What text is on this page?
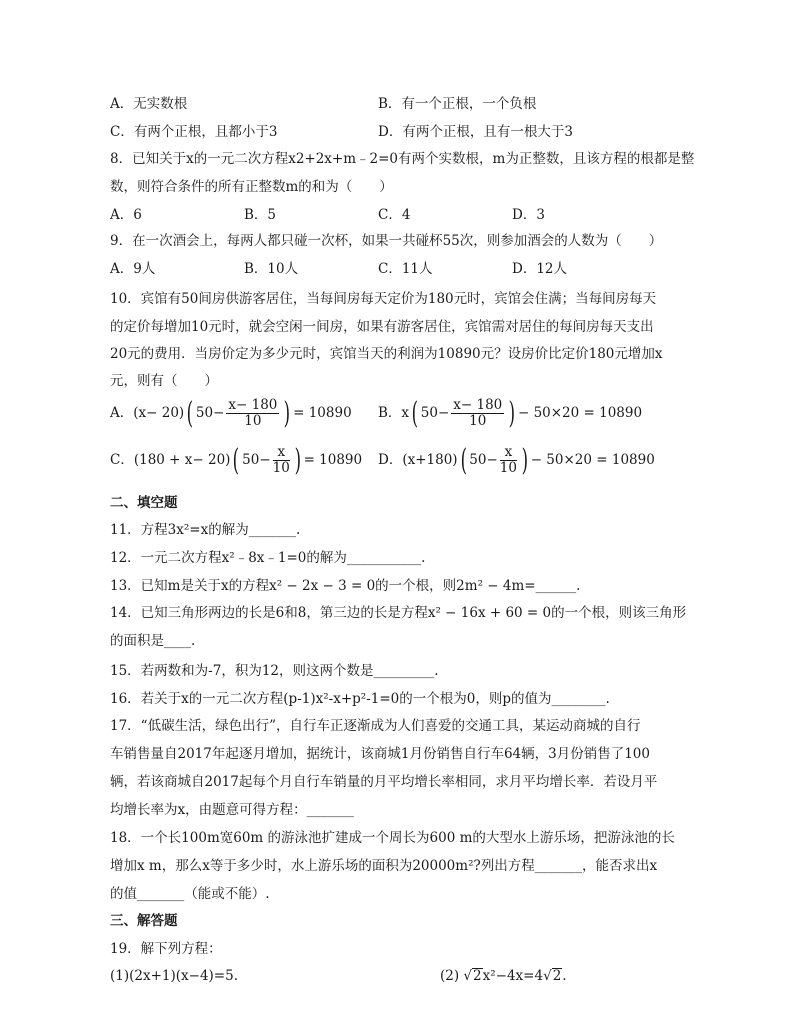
A．无实数根	B．有一个正根，一个负根
C．有两个正根，且都小于3	D．有两个正根，且有一根大于3
8．已知关于x的一元二次方程x2+2x+m﹣2=0有两个实数根，m为正整数，且该方程的根都是整
数，则符合条件的所有正整数m的和为（　　）
A．6	B．5	C．4	D．3
9．在一次酒会上，每两人都只碰一次杯，如果一共碰杯55次，则参加酒会的人数为（　　）
A．9人	B．10人	C．11人	D．12人
10．宾馆有50间房供游客居住，当每间房每天定价为180元时，宾馆会住满；当每间房每天
的定价每增加10元时，就会空闲一间房，如果有游客居住，宾馆需对居住的每间房每天支出
20元的费用．当房价定为多少元时，宾馆当天的利润为10890元？设房价比定价180元增加x
元，则有（　　）
A．(x− 20)( $50- \frac{x- 180}{10}$ ) = 10890 B．x( $50- \frac{x- 180}{10}$ ) − 50×20 = 10890
C．(180 + x− 20)( $50- \frac{x}{10}$ ) = 10890 D．(x+180)( $50- \frac{x}{10}$ ) − 50×20 = 10890
二、填空题
11．方程3x²=x的解为_______.
12．一元二次方程x²﹣8x﹣1=0的解为___________.
13．已知m是关于x的方程x² − 2x − 3 = 0的一个根，则2m² − 4m=______.
14．已知三角形两边的长是6和8，第三边的长是方程x² − 16x + 60 = 0的一个根，则该三角形
的面积是____.
15．若两数和为-7，积为12，则这两个数是_________.
16．若关于x的一元二次方程(p-1)x²-x+p²-1=0的一个根为0，则p的值为________.
17．“低碳生活，绿色出行”，自行车正逐渐成为人们喜爱的交通工具，某运动商城的自行
车销售量自2017年起逐月增加，据统计，该商城1月份销售自行车64辆，3月份销售了100
辆，若该商城自2017起每个月自行车销量的月平均增长率相同，求月平均增长率．若设月平
均增长率为x，由题意可得方程：_______
18．一个长100m宽60m 的游泳池扩建成一个周长为600 m的大型水上游乐场，把游泳池的长
增加x m，那么x等于多少时，水上游乐场的面积为20000m²?列出方程_______，能否求出x
的值_______（能或不能）.
三、解答题
19．解下列方程：
(1)(2x+1)(x−4)=5.	(2) √2x²−4x=4√2.
